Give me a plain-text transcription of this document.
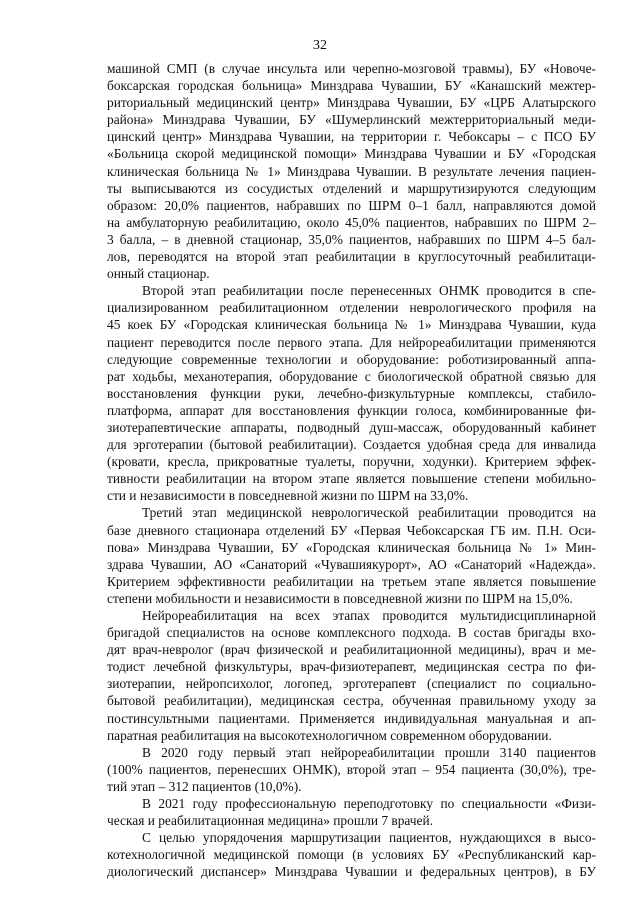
32
машиной СМП (в случае инсульта или черепно-мозговой травмы), БУ «Новоче-
боксарская городская больница» Минздрава Чувашии, БУ «Канашский межтер-
риториальный медицинский центр» Минздрава Чувашии, БУ «ЦРБ Алатырского
района» Минздрава Чувашии, БУ «Шумерлинский межтерриториальный меди-
цинский центр» Минздрава Чувашии, на территории г. Чебоксары – с ПСО БУ
«Больница скорой медицинской помощи» Минздрава Чувашии и БУ «Городская
клиническая больница № 1» Минздрава Чувашии. В результате лечения пациен-
ты выписываются из сосудистых отделений и маршрутизируются следующим
образом: 20,0% пациентов, набравших по ШРМ 0–1 балл, направляются домой
на амбулаторную реабилитацию, около 45,0% пациентов, набравших по ШРМ 2–
3 балла, – в дневной стационар, 35,0% пациентов, набравших по ШРМ 4–5 бал-
лов, переводятся на второй этап реабилитации в круглосуточный реабилитаци-
онный стационар.
Второй этап реабилитации после перенесенных ОНМК проводится в спе-
циализированном реабилитационном отделении неврологического профиля на
45 коек БУ «Городская клиническая больница № 1» Минздрава Чувашии, куда
пациент переводится после первого этапа. Для нейрореабилитации применяются
следующие современные технологии и оборудование: роботизированный аппа-
рат ходьбы, механотерапия, оборудование с биологической обратной связью для
восстановления функции руки, лечебно-физкультурные комплексы, стабило-
платформа, аппарат для восстановления функции голоса, комбинированные фи-
зиотерапевтические аппараты, подводный душ-массаж, оборудованный кабинет
для эрготерапии (бытовой реабилитации). Создается удобная среда для инвалида
(кровати, кресла, прикроватные туалеты, поручни, ходунки). Критерием эффек-
тивности реабилитации на втором этапе является повышение степени мобильно-
сти и независимости в повседневной жизни по ШРМ на 33,0%.
Третий этап медицинской неврологической реабилитации проводится на
базе дневного стационара отделений БУ «Первая Чебоксарская ГБ им. П.Н. Оси-
пова» Минздрава Чувашии, БУ «Городская клиническая больница № 1» Мин-
здрава Чувашии, АО «Санаторий «Чувашиякурорт», АО «Санаторий «Надежда».
Критерием эффективности реабилитации на третьем этапе является повышение
степени мобильности и независимости в повседневной жизни по ШРМ на 15,0%.
Нейрореабилитация на всех этапах проводится мультидисциплинарной
бригадой специалистов на основе комплексного подхода. В состав бригады вхо-
дят врач-невролог (врач физической и реабилитационной медицины), врач и ме-
тодист лечебной физкультуры, врач-физиотерапевт, медицинская сестра по фи-
зиотерапии, нейропсихолог, логопед, эрготерапевт (специалист по социально-
бытовой реабилитации), медицинская сестра, обученная правильному уходу за
постинсультными пациентами. Применяется индивидуальная мануальная и ап-
паратная реабилитация на высокотехнологичном современном оборудовании.
В 2020 году первый этап нейрореабилитации прошли 3140 пациентов
(100% пациентов, перенесших ОНМК), второй этап – 954 пациента (30,0%), тре-
тий этап – 312 пациентов (10,0%).
В 2021 году профессиональную переподготовку по специальности «Физи-
ческая и реабилитационная медицина» прошли 7 врачей.
С целью упорядочения маршрутизации пациентов, нуждающихся в высо-
котехнологичной медицинской помощи (в условиях БУ «Республиканский кар-
диологический диспансер» Минздрава Чувашии и федеральных центров), в БУ
